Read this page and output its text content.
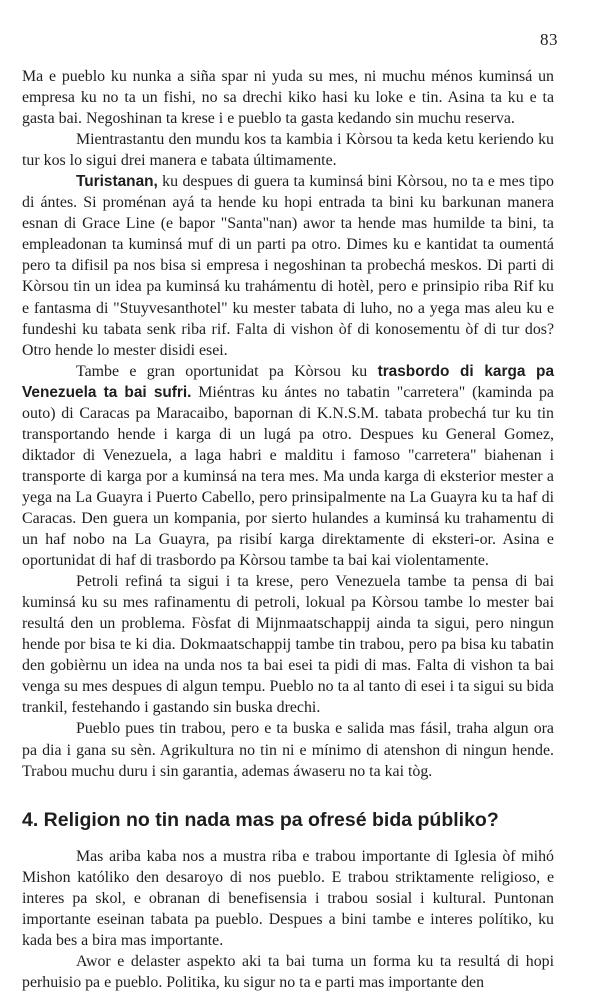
83

Ma e pueblo ku nunka a siña spar ni yuda su mes, ni muchu ménos kuminsá un empresa ku no ta un fishi, no sa drechi kiko hasi ku loke e tin. Asina ta ku e ta gasta bai. Negoshinan ta krese i e pueblo ta gasta kedando sin muchu reserva.

Mientrastantu den mundu kos ta kambia i Kòrsou ta keda ketu keriendo ku tur kos lo sigui drei manera e tabata últimamente.

Turistanan, ku despues di guera ta kuminsá bini Kòrsou, no ta e mes tipo di ántes. Si proménan ayá ta hende ku hopi entrada ta bini ku barkunan manera esnan di Grace Line (e bapor "Santa"nan) awor ta hende mas humilde ta bini, ta empleadonan ta kuminsá muf di un parti pa otro. Dimes ku e kantidat ta oumentá pero ta difisil pa nos bisa si empresa i negoshinan ta probechá meskos. Di parti di Kòrsou tin un idea pa kuminsá ku trahámentu di hotèl, pero e prinsipio riba Rif ku e fantasma di "Stuyvesanthotel" ku mester tabata di luho, no a yega mas aleu ku e fundeshi ku tabata senk riba rif. Falta di vishon òf di konosementu òf di tur dos? Otro hende lo mester disidi esei.

Tambe e gran oportunidat pa Kòrsou ku trasbordo di karga pa Venezuela ta bai sufri. Miéntras ku ántes no tabatin "carretera" (kaminda pa outo) di Caracas pa Maracaibo, bapornan di K.N.S.M. tabata probechá tur ku tin transportando hende i karga di un lugá pa otro. Despues ku General Gomez, diktador di Venezuela, a laga habri e malditu i famoso "carretera" biahenan i transporte di karga por a kuminsá na tera mes. Ma unda karga di eksterior mester a yega na La Guayra i Puerto Cabello, pero prinsipalmente na La Guayra ku ta haf di Caracas. Den guera un kompania, por sierto hulandes a kuminsá ku trahamentu di un haf nobo na La Guayra, pa risibí karga direktamente di eksteri-or. Asina e oportunidat di haf di trasbordo pa Kòrsou tambe ta bai kai violentamente.

Petroli refiná ta sigui i ta krese, pero Venezuela tambe ta pensa di bai kuminsá ku su mes rafinamentu di petroli, lokual pa Kòrsou tambe lo mester bai resultá den un problema. Fòsfat di Mijnmaatschappij ainda ta sigui, pero ningun hende por bisa te ki dia. Dokmaatschappij tambe tin trabou, pero pa bisa ku tabatin den gobièrnu un idea na unda nos ta bai esei ta pidi di mas. Falta di vishon ta bai venga su mes despues di algun tempu. Pueblo no ta al tanto di esei i ta sigui su bida trankil, festehando i gastando sin buska drechi.

Pueblo pues tin trabou, pero e ta buska e salida mas fásil, traha algun ora pa dia i gana su sèn. Agrikultura no tin ni e mínimo di atenshon di ningun hende. Trabou muchu duru i sin garantia, ademas áwaseru no ta kai tòg.

4. Religion no tin nada mas pa ofresé bida públiko?

Mas ariba kaba nos a mustra riba e trabou importante di Iglesia òf mihó Mishon katóliko den desaroyo di nos pueblo. E trabou striktamente religioso, e interes pa skol, e obranan di benefisensia i trabou sosial i kultural. Puntonan importante eseinan tabata pa pueblo. Despues a bini tambe e interes polítiko, ku kada bes a bira mas importante.

Awor e delaster aspekto aki ta bai tuma un forma ku ta resultá di hopi perhuisio pa e pueblo. Politika, ku sigur no ta e parti mas importante den
